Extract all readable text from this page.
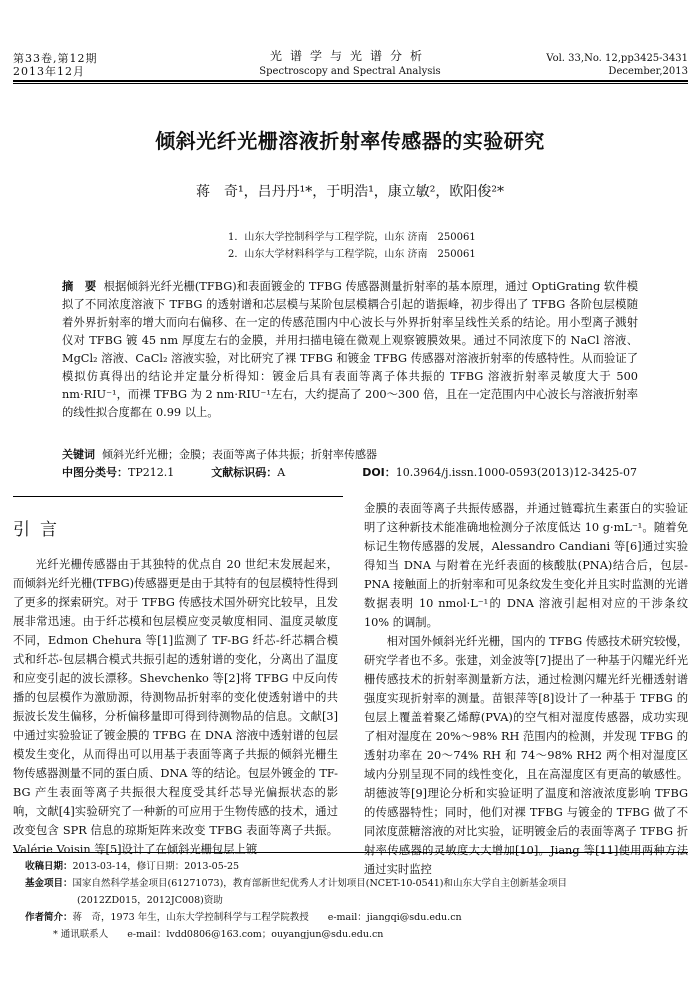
第33卷,第12期
2013年12月
光谱学与光谱分析
Spectroscopy and Spectral Analysis
Vol. 33,No. 12,pp3425-3431
December,2013
倾斜光纤光栅溶液折射率传感器的实验研究
蒋　奇¹，吕丹丹¹*，于明浩¹，康立敏²，欧阳俊²*
1．山东大学控制科学与工程学院，山东 济南　250061
2．山东大学材料科学与工程学院，山东 济南　250061
摘　要 根据倾斜光纤光栅(TFBG)和表面镀金的 TFBG 传感器测量折射率的基本原理，通过 OptiGrating 软件模拟了不同浓度溶液下 TFBG 的透射谱和芯层模与某阶包层模耦合引起的谐振峰，初步得出了 TFBG 各阶包层模随着外界折射率的增大而向右偏移、在一定的传感范围内中心波长与外界折射率呈线性关系的结论。用小型离子溅射仪对 TFBG 镀 45 nm 厚度左右的金膜，并用扫描电镜在微观上观察镀膜效果。通过不同浓度下的 NaCl 溶液、MgCl₂ 溶液、CaCl₂ 溶液实验，对比研究了裸 TFBG 和镀金 TFBG 传感器对溶液折射率的传感特性。从而验证了模拟仿真得出的结论并定量分析得知：镀金后具有表面等离子体共振的 TFBG 溶液折射率灵敏度大于 500 nm·RIU⁻¹，而裸 TFBG 为 2 nm·RIU⁻¹左右，大约提高了 200～300 倍，且在一定范围内中心波长与溶液折射率的线性拟合度都在 0.99 以上。
关键词 倾斜光纤光栅；金膜；表面等离子体共振；折射率传感器
中图分类号：TP212.1	文献标识码：A	DOI：10.3964/j.issn.1000-0593(2013)12-3425-07
引言

光纤光栅传感器由于其独特的优点自 20 世纪末发展起来，而倾斜光纤光栅(TFBG)传感器更是由于其特有的包层模特性得到了更多的探索研究。对于 TFBG 传感技术国外研究比较早，且发展非常迅速。由于纤芯模和包层模应变灵敏度相同、温度灵敏度不同，Edmon Chehura 等[1]监测了 TF-BG 纤芯-纤芯耦合模式和纤芯-包层耦合模式共振引起的透射谱的变化，分离出了温度和应变引起的波长漂移。Shevchenko 等[2]将 TFBG 中反向传播的包层模作为激励源，待测物品折射率的变化使透射谱中的共振波长发生偏移，分析偏移量即可得到待测物品的信息。文献[3]中通过实验验证了镀金膜的 TFBG 在 DNA 溶液中透射谱的包层模发生变化，从而得出可以用基于表面等离子共振的倾斜光栅生物传感器测量不同的蛋白质、DNA 等的结论。包层外镀金的 TF-BG 产生表面等离子共振很大程度受其纤芯导光偏振状态的影响，文献[4]实验研究了一种新的可应用于生物传感的技术，通过改变包含 SPR 信息的琼斯矩阵来改变 TFBG 表面等离子共振。Valérie Voisin 等[5]设计了在倾斜光栅包层上镀

金膜的表面等离子共振传感器，并通过链霉抗生素蛋白的实验证明了这种新技术能准确地检测分子浓度低达 10 g·mL⁻¹。随着免标记生物传感器的发展，Alessandro Candiani 等[6]通过实验得知当 DNA 与附着在光纤表面的核酸肽(PNA)结合后，包层-PNA 接触面上的折射率和可见条纹发生变化并且实时监测的光谱数据表明 10 nmol·L⁻¹的 DNA 溶液引起相对应的干涉条纹 10% 的调制。

相对国外倾斜光纤光栅，国内的 TFBG 传感技术研究较慢，研究学者也不多。张建，刘金波等[7]提出了一种基于闪耀光纤光栅传感技术的折射率测量新方法，通过检测闪耀光纤光栅透射谱强度实现折射率的测量。苗银萍等[8]设计了一种基于 TFBG 的包层上覆盖着聚乙烯醇(PVA)的空气相对湿度传感器，成功实现了相对湿度在 20%～98% RH 范围内的检测，并发现 TFBG 的透射功率在 20～74% RH 和 74～98% RH2 两个相对湿度区域内分别呈现不同的线性变化，且在高湿度区有更高的敏感性。胡德波等[9]理论分析和实验证明了温度和溶液浓度影响 TFBG 的传感器特性；同时，他们对裸 TFBG 与镀金的 TFBG 做了不同浓度蔗糖溶液的对比实验，证明镀金后的表面等离子 TFBG 折射率传感器的灵敏度大大增加[10]。Jiang 等[11]使用两种方法通过实时监控

收稿日期：2013-03-14，修订日期：2013-05-25
基金项目：国家自然科学基金项目(61271073)，教育部新世纪优秀人才计划项目(NCET-10-0541)和山东大学自主创新基金项目
(2012ZD015，2012JC008)资助
作者简介：蒋　奇，1973 年生，山东大学控制科学与工程学院教授　　e-mail：jiangqi@sdu.edu.cn
* 通讯联系人　　e-mail：lvdd0806@163.com；ouyangjun@sdu.edu.cn
